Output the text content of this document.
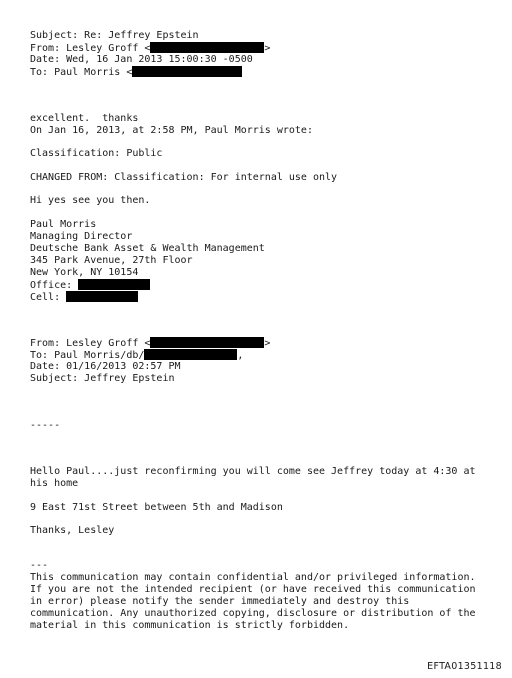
Subject: Re: Jeffrey Epstein
From: Lesley Groff <	>
Date: Wed, 16 Jan 2013 15:00:30 -0500
To: Paul Morris <
excellent.  thanks
On Jan 16, 2013, at 2:58 PM, Paul Morris wrote:
Classification: Public
CHANGED FROM: Classification: For internal use only
Hi yes see you then.
Paul Morris
Managing Director
Deutsche Bank Asset & Wealth Management
345 Park Avenue, 27th Floor
New York, NY 10154
Office:
Cell:
From: Lesley Groff <	>
To: Paul Morris/db/	,
Date: 01/16/2013 02:57 PM
Subject: Jeffrey Epstein
-----
Hello Paul....just reconfirming you will come see Jeffrey today at 4:30 at
his home
9 East 71st Street between 5th and Madison
Thanks, Lesley
---
This communication may contain confidential and/or privileged information.
If you are not the intended recipient (or have received this communication
in error) please notify the sender immediately and destroy this
communication. Any unauthorized copying, disclosure or distribution of the
material in this communication is strictly forbidden.
EFTA01351118
